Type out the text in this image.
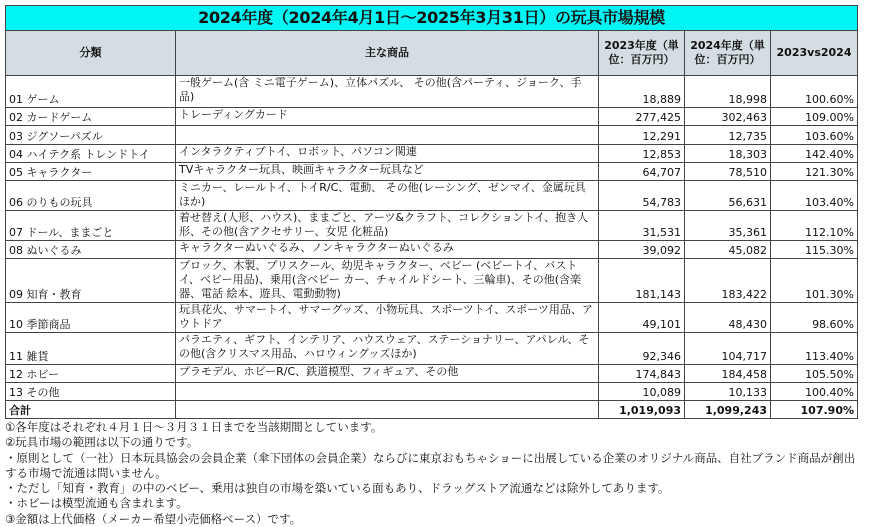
2024年度（2024年4月1日～2025年3月31日）の玩具市場規模				
分類	主な商品	2023年度（単位：百万円）	2024年度（単位：百万円）	2023vs2024
01 ゲーム	一般ゲーム(含 ミニ電子ゲーム)、立体パズル、 その他(含パーティ、ジョーク、手品)	18,889	18,998	100.60%
02 カードゲーム	トレーディングカード	277,425	302,463	109.00%
03 ジグソーパズル		12,291	12,735	103.60%
04 ハイテク系 トレンドトイ	インタラクティブトイ、ロボット、パソコン関連	12,853	18,303	142.40%
05 キャラクター	TVキャラクター玩具、映画キャラクター玩具など	64,707	78,510	121.30%
06 のりもの玩具	ミニカー、レールトイ、トイR/C、電動、 その他(レーシング、ゼンマイ、金属玩具ほか)	54,783	56,631	103.40%
07 ドール、ままごと	着せ替え(人形、ハウス)、ままごと、アーツ&クラフト、コレクショントイ、抱き人形、その他(含アクセサリー、女児 化粧品)	31,531	35,361	112.10%
08 ぬいぐるみ	キャラクターぬいぐるみ、ノンキャラクターぬいぐるみ	39,092	45,082	115.30%
09 知育・教育	ブロック、木製、プリスクール、幼児キャラクター、ベビー (ベビートイ、バストイ、ベビー用品)、乗用(含ベビー カー、チャイルドシート、三輪車)、その他(含楽器、電話 絵本、遊具、電動動物)	181,143	183,422	101.30%
10 季節商品	玩具花火、サマートイ、サマーグッズ、小物玩具、スポーツトイ、スポーツ用品、アウトドア	49,101	48,430	98.60%
11 雑貨	バラエティ、ギフト、インテリア、ハウスウェア、ステーショナリー、アパレル、その他(含クリスマス用品、ハロウィングッズほか)	92,346	104,717	113.40%
12 ホビー	プラモデル、ホビーR/C、鉄道模型、フィギュア、その他	174,843	184,458	105.50%
13 その他		10,089	10,133	100.40%
合計		1,019,093	1,099,243	107.90%
①各年度はそれぞれ４月１日～３月３１日までを当該期間としています。
②玩具市場の範囲は以下の通りです。
・原則として（一社）日本玩具協会の会員企業（傘下団体の会員企業）ならびに東京おもちゃショーに出展している企業のオリジナル商品、自社ブランド商品が創出する市場で流通は問いません。
・ただし「知育・教育」の中のベビー、乗用は独自の市場を築いている面もあり、ドラッグストア流通などは除外してあります。
・ホビーは模型流通も含まれます。
③金額は上代価格（メーカー希望小売価格ベース）です。
